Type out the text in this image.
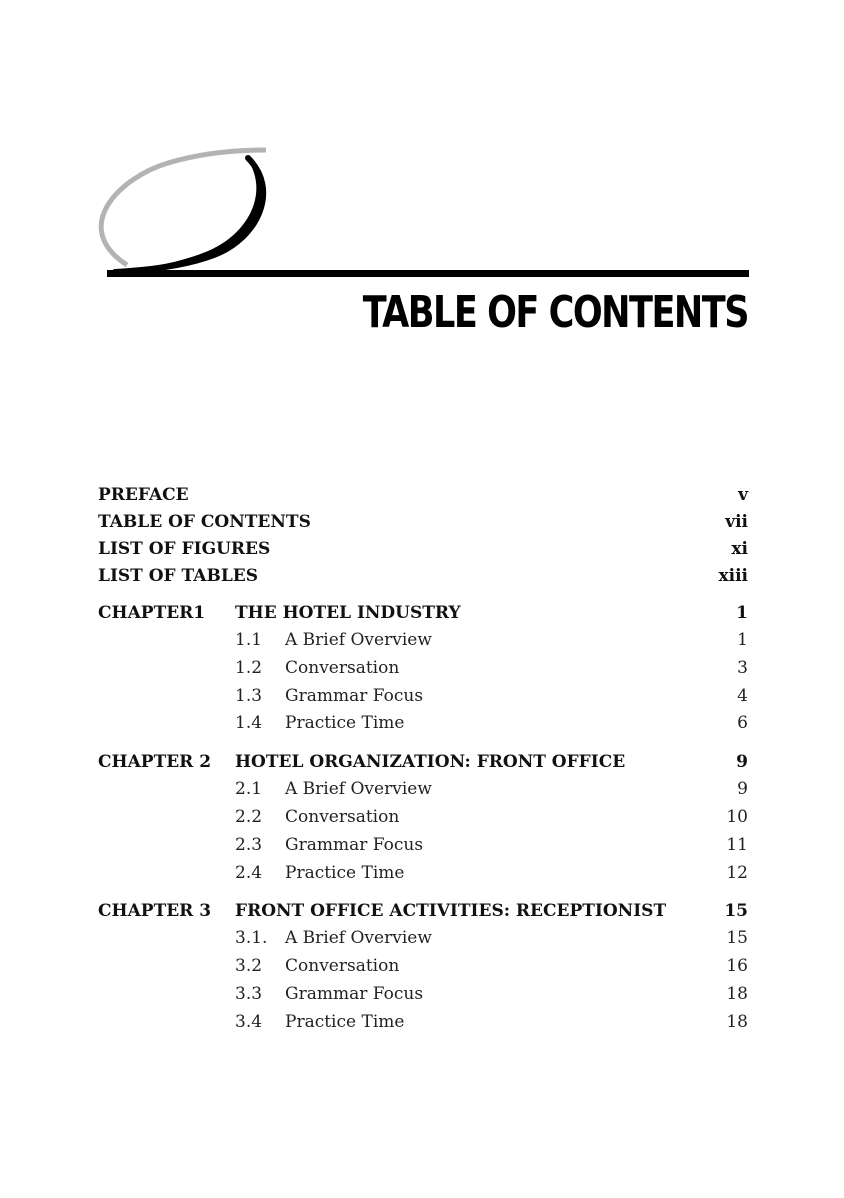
TABLE OF CONTENTS
PREFACE	v
TABLE OF CONTENTS	vii
LIST OF FIGURES	xi
LIST OF TABLES	xiii
CHAPTER1 THE HOTEL INDUSTRY	1
1.1 A Brief Overview	1
1.2 Conversation	3
1.3 Grammar Focus	4
1.4 Practice Time	6
CHAPTER 2 HOTEL ORGANIZATION: FRONT OFFICE	9
2.1 A Brief Overview	9
2.2 Conversation	10
2.3 Grammar Focus	11
2.4 Practice Time	12
CHAPTER 3 FRONT OFFICE ACTIVITIES: RECEPTIONIST	15
3.1. A Brief Overview	15
3.2 Conversation	16
3.3 Grammar Focus	18
3.4 Practice Time	18
